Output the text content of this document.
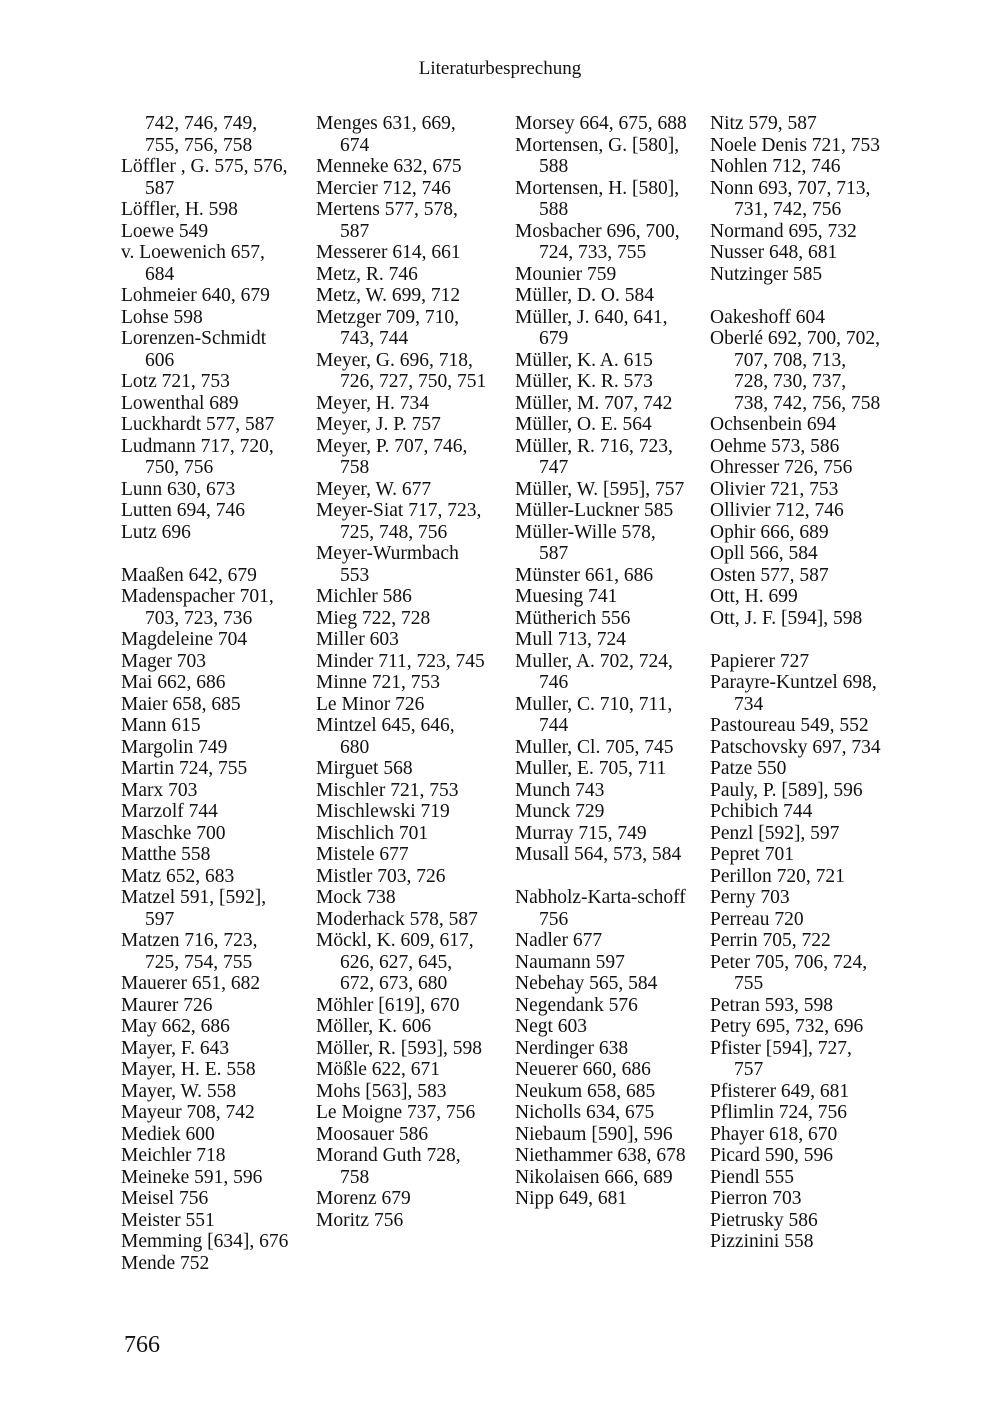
Literaturbesprechung
742, 746, 749, 755, 756, 758
Löffler , G. 575, 576, 587
Löffler, H. 598
Loewe 549
v. Loewenich 657, 684
Lohmeier 640, 679
Lohse 598
Lorenzen-Schmidt 606
Lotz 721, 753
Lowenthal 689
Luckhardt 577, 587
Ludmann 717, 720, 750, 756
Lunn 630, 673
Lutten 694, 746
Lutz 696
Maaßen 642, 679
Madenspacher 701, 703, 723, 736
Magdeleine 704
Mager 703
Mai 662, 686
Maier 658, 685
Mann 615
Margolin 749
Martin 724, 755
Marx 703
Marzolf 744
Maschke 700
Matthe 558
Matz 652, 683
Matzel 591, [592], 597
Matzen 716, 723, 725, 754, 755
Mauerer 651, 682
Maurer 726
May 662, 686
Mayer, F. 643
Mayer, H. E. 558
Mayer, W. 558
Mayeur 708, 742
Mediek 600
Meichler 718
Meineke 591, 596
Meisel 756
Meister 551
Memming [634], 676
Mende 752
Menges 631, 669, 674
Menneke 632, 675
Mercier 712, 746
Mertens 577, 578, 587
Messerer 614, 661
Metz, R. 746
Metz, W. 699, 712
Metzger 709, 710, 743, 744
Meyer, G. 696, 718, 726, 727, 750, 751
Meyer, H. 734
Meyer, J. P. 757
Meyer, P. 707, 746, 758
Meyer, W. 677
Meyer-Siat 717, 723, 725, 748, 756
Meyer-Wurmbach 553
Michler 586
Mieg 722, 728
Miller 603
Minder 711, 723, 745
Minne 721, 753
Le Minor 726
Mintzel 645, 646, 680
Mirguet 568
Mischler 721, 753
Mischlewski 719
Mischlich 701
Mistele 677
Mistler 703, 726
Mock 738
Moderhack 578, 587
Möckl, K. 609, 617, 626, 627, 645, 672, 673, 680
Möhler [619], 670
Möller, K. 606
Möller, R. [593], 598
Mößle 622, 671
Mohs [563], 583
Le Moigne 737, 756
Moosauer 586
Morand Guth 728, 758
Morenz 679
Moritz 756
Morsey 664, 675, 688
Mortensen, G. [580], 588
Mortensen, H. [580], 588
Mosbacher 696, 700, 724, 733, 755
Mounier 759
Müller, D. O. 584
Müller, J. 640, 641, 679
Müller, K. A. 615
Müller, K. R. 573
Müller, M. 707, 742
Müller, O. E. 564
Müller, R. 716, 723, 747
Müller, W. [595], 757
Müller-Luckner 585
Müller-Wille 578, 587
Münster 661, 686
Muesing 741
Mütherich 556
Mull 713, 724
Muller, A. 702, 724, 746
Muller, C. 710, 711, 744
Muller, Cl. 705, 745
Muller, E. 705, 711
Munch 743
Munck 729
Murray 715, 749
Musall 564, 573, 584
Nabholz-Karta-schoff 756
Nadler 677
Naumann 597
Nebehay 565, 584
Negendank 576
Negt 603
Nerdinger 638
Neuerer 660, 686
Neukum 658, 685
Nicholls 634, 675
Niebaum [590], 596
Niethammer 638, 678
Nikolaisen 666, 689
Nipp 649, 681
Nitz 579, 587
Noele Denis 721, 753
Nohlen 712, 746
Nonn 693, 707, 713, 731, 742, 756
Normand 695, 732
Nusser 648, 681
Nutzinger 585
Oakeshoff 604
Oberlé 692, 700, 702, 707, 708, 713, 728, 730, 737, 738, 742, 756, 758
Ochsenbein 694
Oehme 573, 586
Ohresser 726, 756
Olivier 721, 753
Ollivier 712, 746
Ophir 666, 689
Opll 566, 584
Osten 577, 587
Ott, H. 699
Ott, J. F. [594], 598
Papierer 727
Parayre-Kuntzel 698, 734
Pastoureau 549, 552
Patschovsky 697, 734
Patze 550
Pauly, P. [589], 596
Pchibich 744
Penzl [592], 597
Pepret 701
Perillon 720, 721
Perny 703
Perreau 720
Perrin 705, 722
Peter 705, 706, 724, 755
Petran 593, 598
Petry 695, 732, 696
Pfister [594], 727, 757
Pfisterer 649, 681
Pflimlin 724, 756
Phayer 618, 670
Picard 590, 596
Piendl 555
Pierron 703
Pietrusky 586
Pizzinini 558
766
